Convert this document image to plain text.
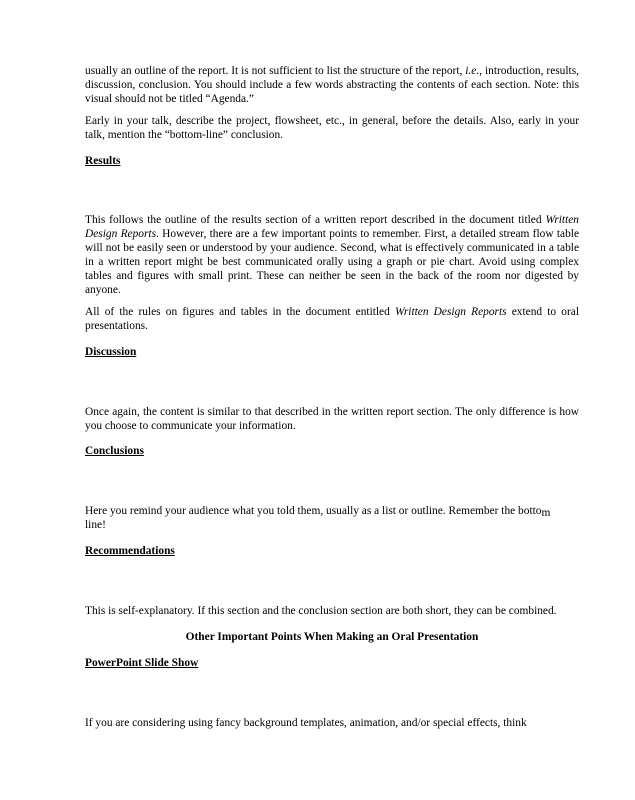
usually an outline of the report. It is not sufficient to list the structure of the report, i.e., introduction, results, discussion, conclusion. You should include a few words abstracting the contents of each section. Note: this visual should not be titled “Agenda.”

Early in your talk, describe the project, flowsheet, etc., in general, before the details. Also, early in your talk, mention the “bottom-line” conclusion.

Results

This follows the outline of the results section of a written report described in the document titled Written Design Reports. However, there are a few important points to remember. First, a detailed stream flow table will not be easily seen or understood by your audience. Second, what is effectively communicated in a table in a written report might be best communicated orally using a graph or pie chart. Avoid using complex tables and figures with small print. These can neither be seen in the back of the room nor digested by anyone.

All of the rules on figures and tables in the document entitled Written Design Reports extend to oral presentations.

Discussion

Once again, the content is similar to that described in the written report section. The only difference is how you choose to communicate your information.

Conclusions

Here you remind your audience what you told them, usually as a list or outline. Remember the bottom
line!

Recommendations

This is self-explanatory. If this section and the conclusion section are both short, they can be combined.

Other Important Points When Making an Oral Presentation

PowerPoint Slide Show

If you are considering using fancy background templates, animation, and/or special effects, think
